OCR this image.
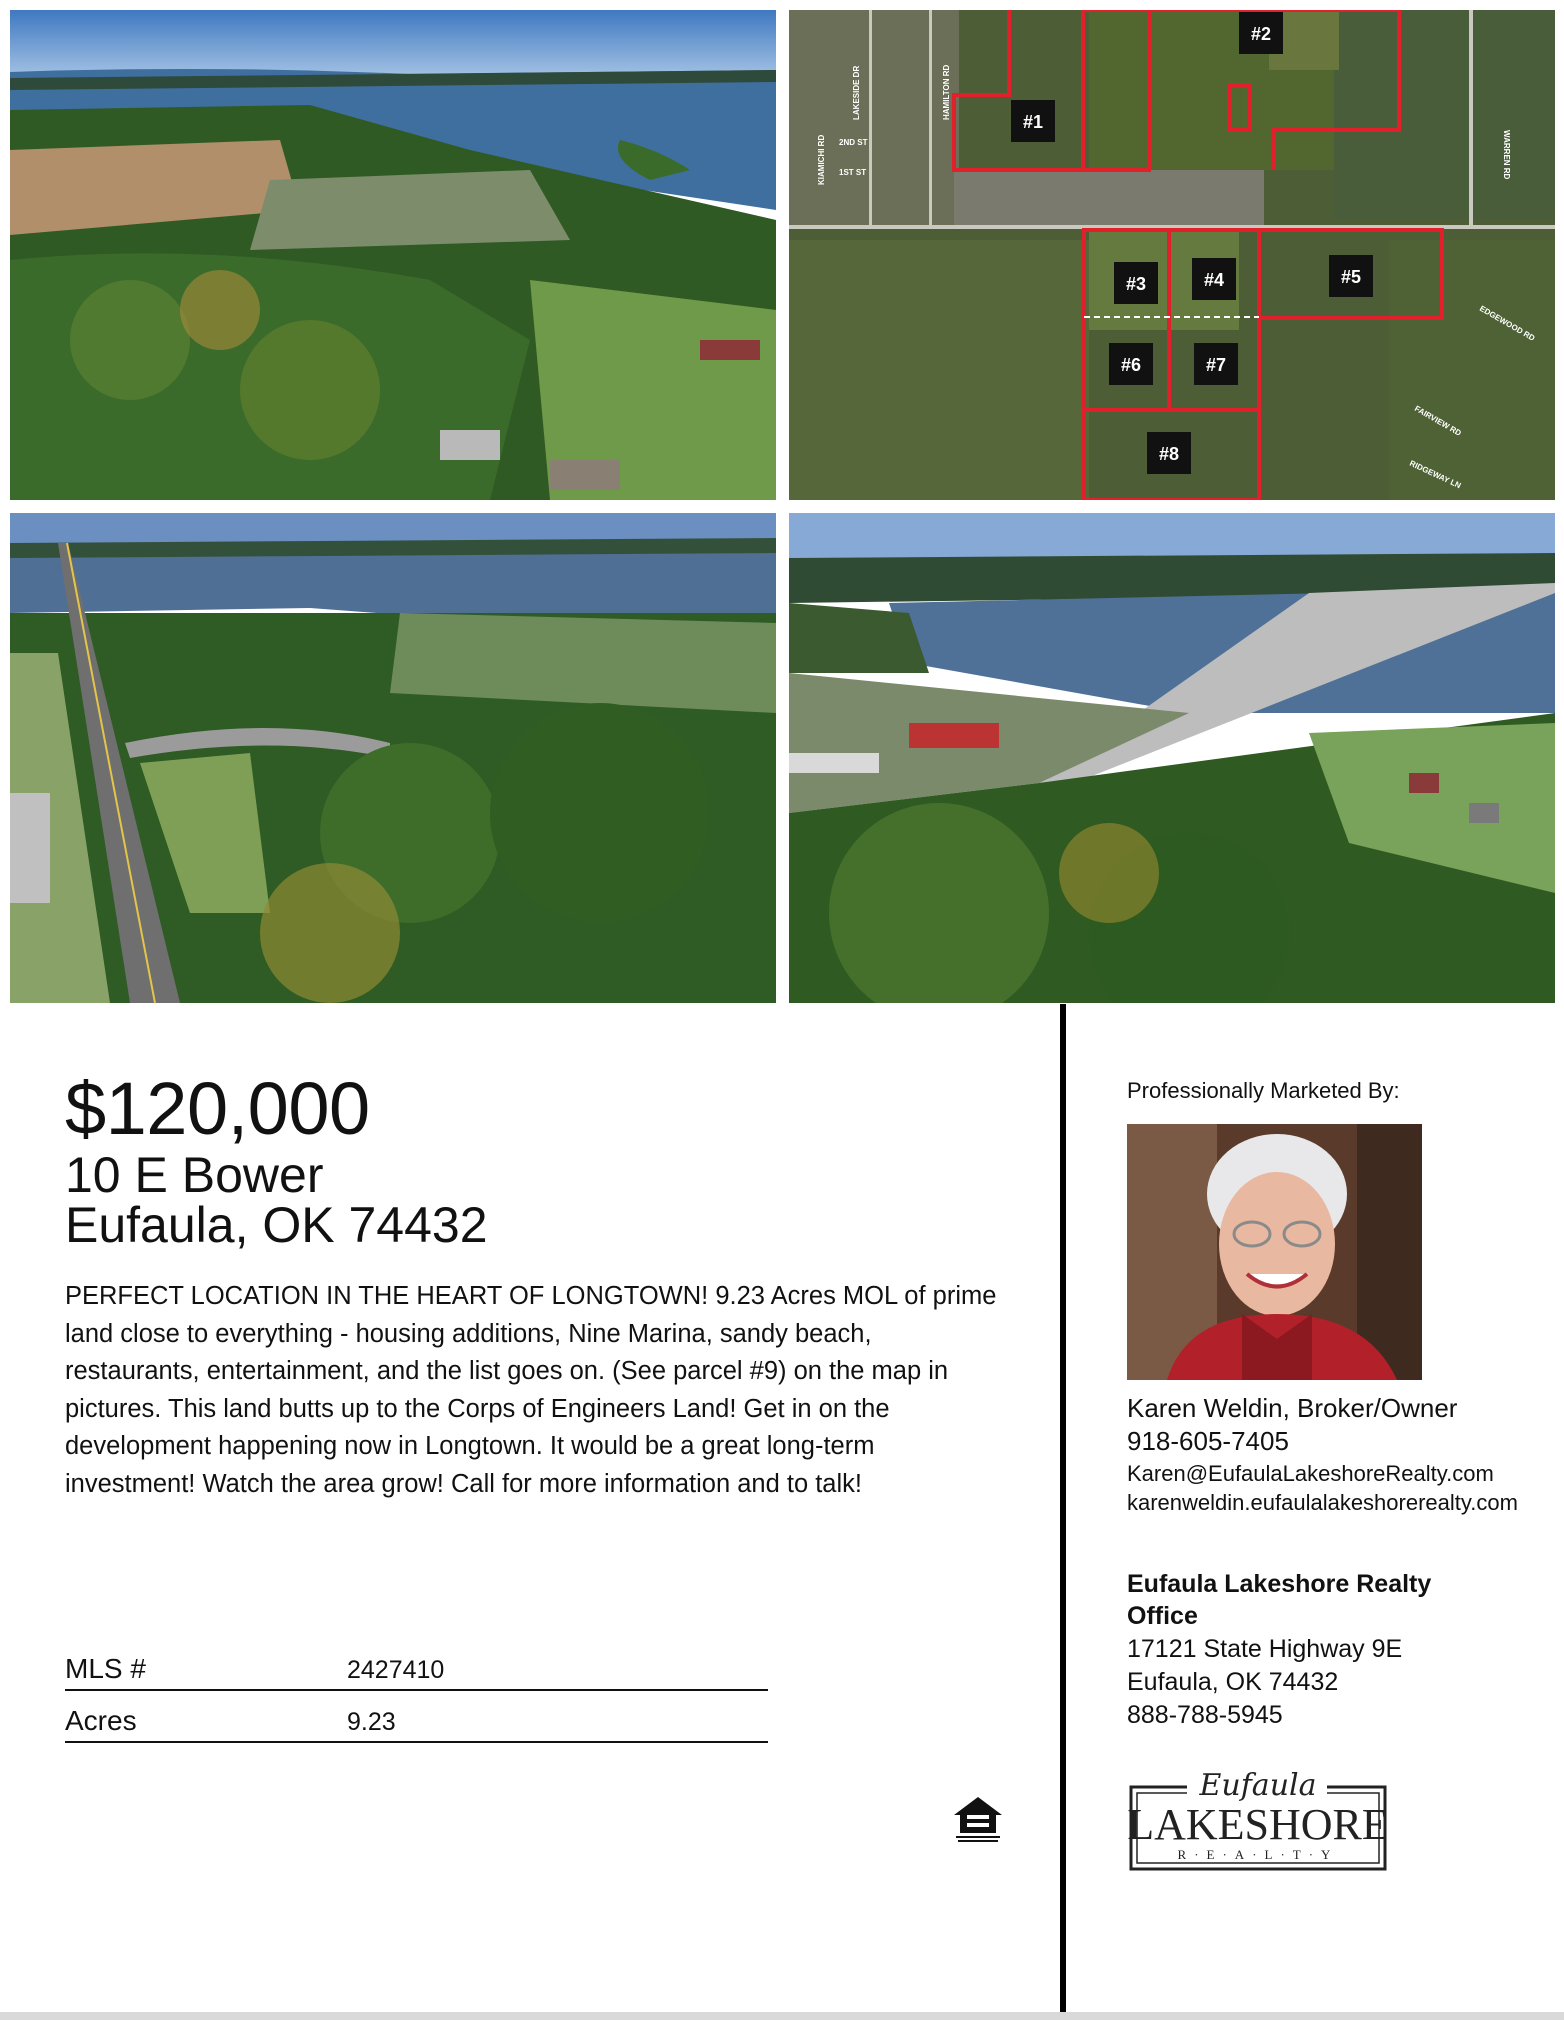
#1
#2
#3	#4	#5
#6	#7
#8
KIAMICHI RD
LAKESIDE DR	HAMILTON RD
2ND ST
1ST ST	WARREN RD
EDGEWOOD RD
FAIRVIEW RD
RIDGEWAY LN
$120,000
10 E Bower
Eufaula, OK 74432
PERFECT LOCATION IN THE HEART OF LONGTOWN! 9.23 Acres MOL of prime land close to everything - housing additions, Nine Marina, sandy beach, restaurants, entertainment, and the list goes on. (See parcel #9) on the map in pictures. This land butts up to the Corps of Engineers Land! Get in on the development happening now in Longtown. It would be a great long-term investment! Watch the area grow! Call for more information and to talk!
MLS #	2427410
Acres	9.23
Professionally Marketed By:
Karen Weldin, Broker/Owner
918-605-7405
Karen@EufaulaLakeshoreRealty.com
karenweldin.eufaulalakeshorerealty.com
Eufaula Lakeshore Realty Office
17121 State Highway 9E
Eufaula, OK 74432
888-788-5945
Eufaula
LAKESHORE
R·E·A·L·T·Y
